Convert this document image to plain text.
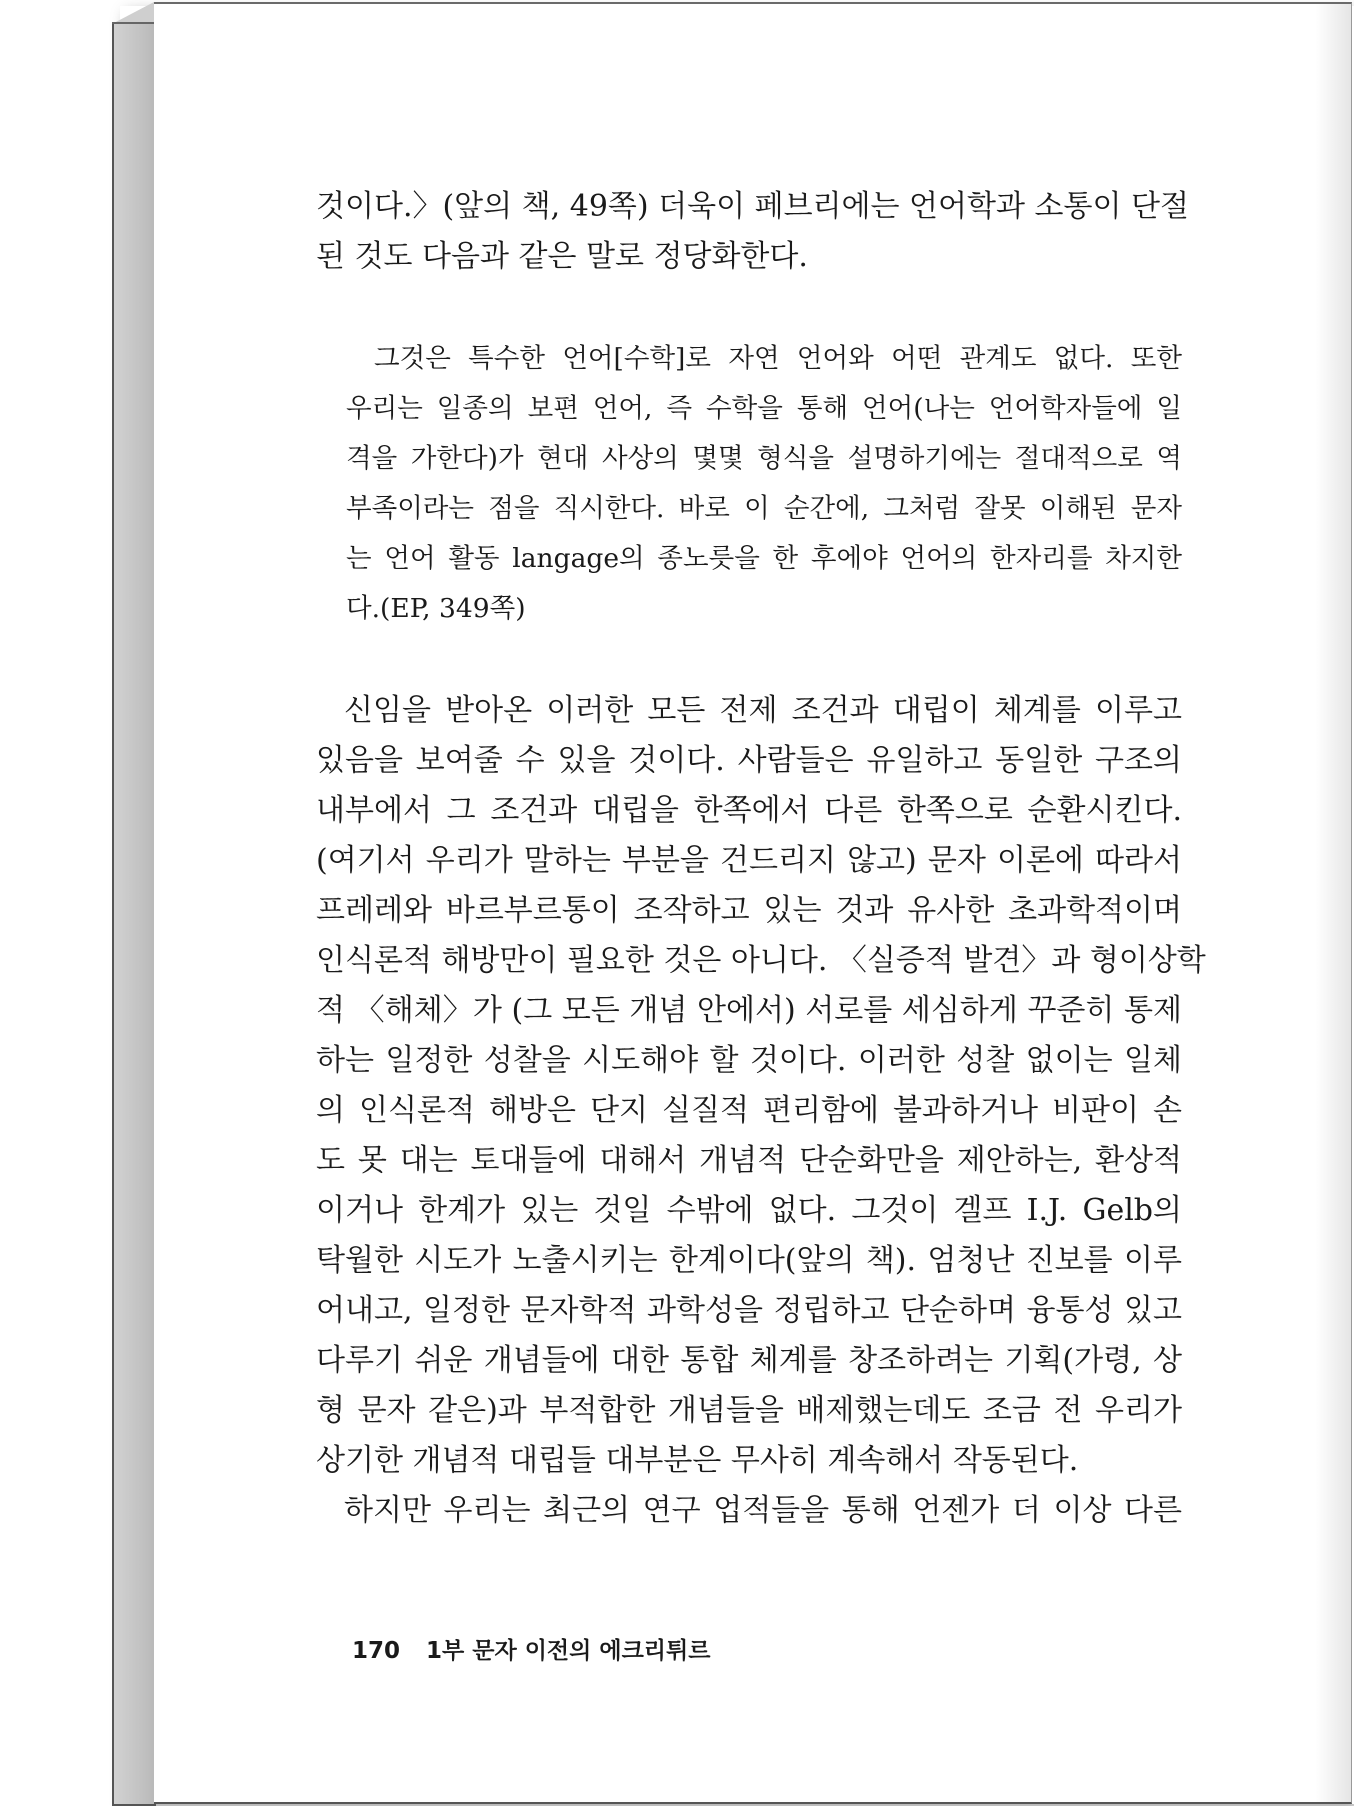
것이다.〉(앞의 책, 49쪽) 더욱이 페브리에는 언어학과 소통이 단절
된 것도 다음과 같은 말로 정당화한다.
그것은 특수한 언어[수학]로 자연 언어와 어떤 관계도 없다. 또한
우리는 일종의 보편 언어, 즉 수학을 통해 언어(나는 언어학자들에 일
격을 가한다)가 현대 사상의 몇몇 형식을 설명하기에는 절대적으로 역
부족이라는 점을 직시한다. 바로 이 순간에, 그처럼 잘못 이해된 문자
는 언어 활동 langage의 종노릇을 한 후에야 언어의 한자리를 차지한
다.(EP, 349쪽)
신임을 받아온 이러한 모든 전제 조건과 대립이 체계를 이루고
있음을 보여줄 수 있을 것이다. 사람들은 유일하고 동일한 구조의
내부에서 그 조건과 대립을 한쪽에서 다른 한쪽으로 순환시킨다.
(여기서 우리가 말하는 부분을 건드리지 않고) 문자 이론에 따라서
프레레와 바르부르통이 조작하고 있는 것과 유사한 초과학적이며
인식론적 해방만이 필요한 것은 아니다. 〈실증적 발견〉과 형이상학
적 〈해체〉가 (그 모든 개념 안에서) 서로를 세심하게 꾸준히 통제
하는 일정한 성찰을 시도해야 할 것이다. 이러한 성찰 없이는 일체
의 인식론적 해방은 단지 실질적 편리함에 불과하거나 비판이 손
도 못 대는 토대들에 대해서 개념적 단순화만을 제안하는, 환상적
이거나 한계가 있는 것일 수밖에 없다. 그것이 겔프 I.J. Gelb의
탁월한 시도가 노출시키는 한계이다(앞의 책). 엄청난 진보를 이루
어내고, 일정한 문자학적 과학성을 정립하고 단순하며 융통성 있고
다루기 쉬운 개념들에 대한 통합 체계를 창조하려는 기획(가령, 상
형 문자 같은)과 부적합한 개념들을 배제했는데도 조금 전 우리가
상기한 개념적 대립들 대부분은 무사히 계속해서 작동된다.
하지만 우리는 최근의 연구 업적들을 통해 언젠가 더 이상 다른
170 1부 문자 이전의 에크리튀르
